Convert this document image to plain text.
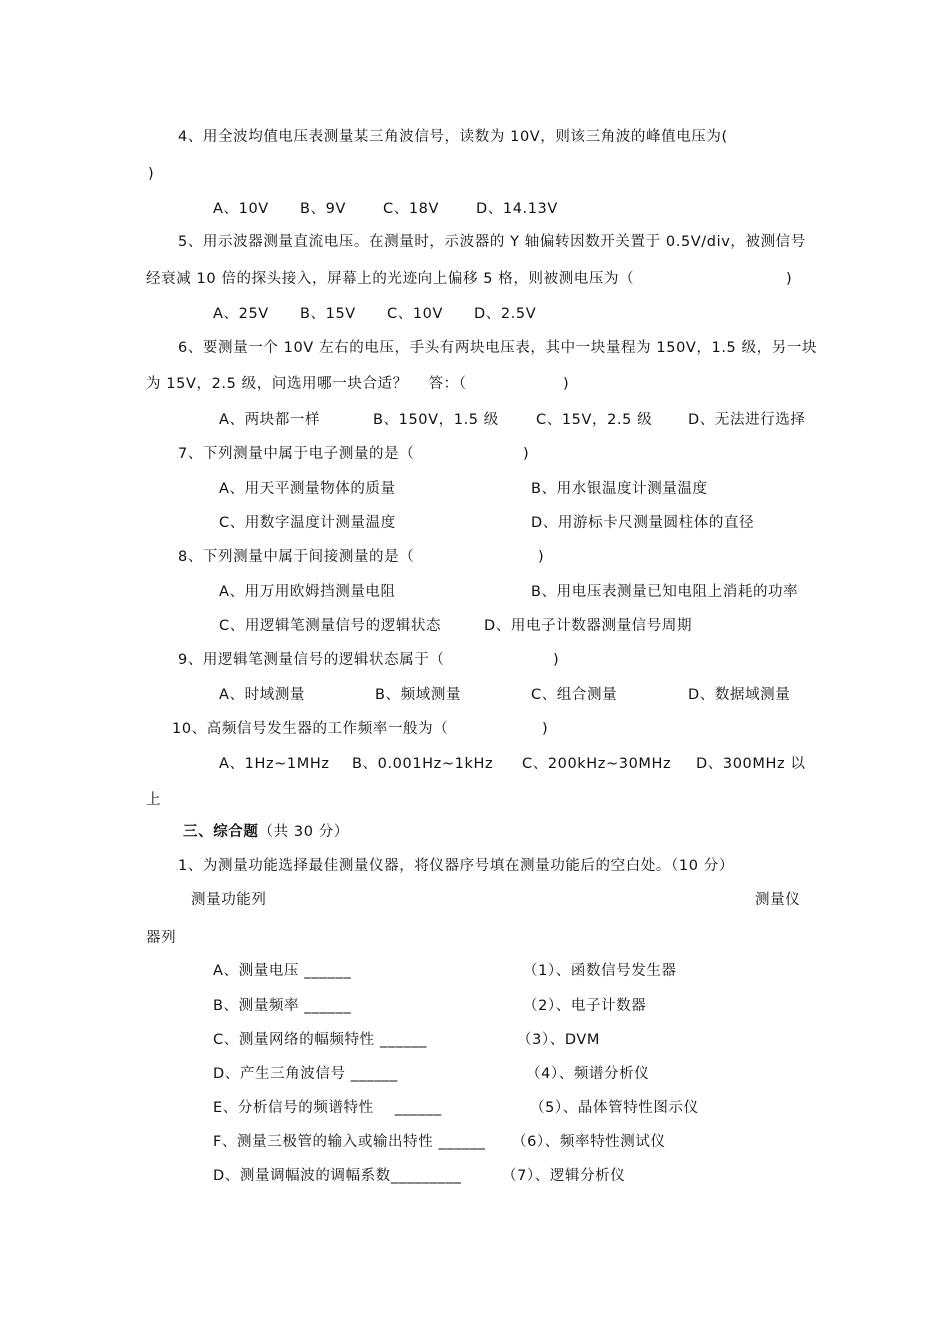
4、用全波均值电压表测量某三角波信号，读数为 10V，则该三角波的峰值电压为(
)
A、10V B、9V	C、18V	D、14.13V
5、用示波器测量直流电压。在测量时，示波器的 Y 轴偏转因数开关置于 0.5V/div，被测信号
经衰减 10 倍的探头接入，屏幕上的光迹向上偏移 5 格，则被测电压为（	)
A、25V B、15V C、10V D、2.5V
6、要测量一个 10V 左右的电压，手头有两块电压表，其中一块量程为 150V，1.5 级，另一块
为 15V，2.5 级，问选用哪一块合适？    答：（	)
A、两块都一样	B、150V，1.5 级	C、15V，2.5 级 D、无法进行选择
7、下列测量中属于电子测量的是（	)
A、用天平测量物体的质量	B、用水银温度计测量温度
C、用数字温度计测量温度	D、用游标卡尺测量圆柱体的直径
8、下列测量中属于间接测量的是（	)
A、用万用欧姆挡测量电阻	B、用电压表测量已知电阻上消耗的功率
C、用逻辑笔测量信号的逻辑状态	D、用电子计数器测量信号周期
9、用逻辑笔测量信号的逻辑状态属于（	)
A、时域测量	B、频域测量	C、组合测量	D、数据域测量
10、高频信号发生器的工作频率一般为（	)
A、1Hz~1MHz B、0.001Hz~1kHz C、200kHz~30MHz D、300MHz 以
上
三、综合题（共 30 分）
1、为测量功能选择最佳测量仪器，将仪器序号填在测量功能后的空白处。（10 分）
测量功能列	测量仪
器列
A、测量电压 ______	（1）、函数信号发生器
B、测量频率 ______	（2）、电子计数器
C、测量网络的幅频特性 ______	（3）、DVM
D、产生三角波信号 ______	（4）、频谱分析仪
E、分析信号的频谱特性    ______	（5）、晶体管特性图示仪
F、测量三极管的输入或输出特性 ______ （6）、频率特性测试仪
D、测量调幅波的调幅系数_________	（7）、逻辑分析仪
